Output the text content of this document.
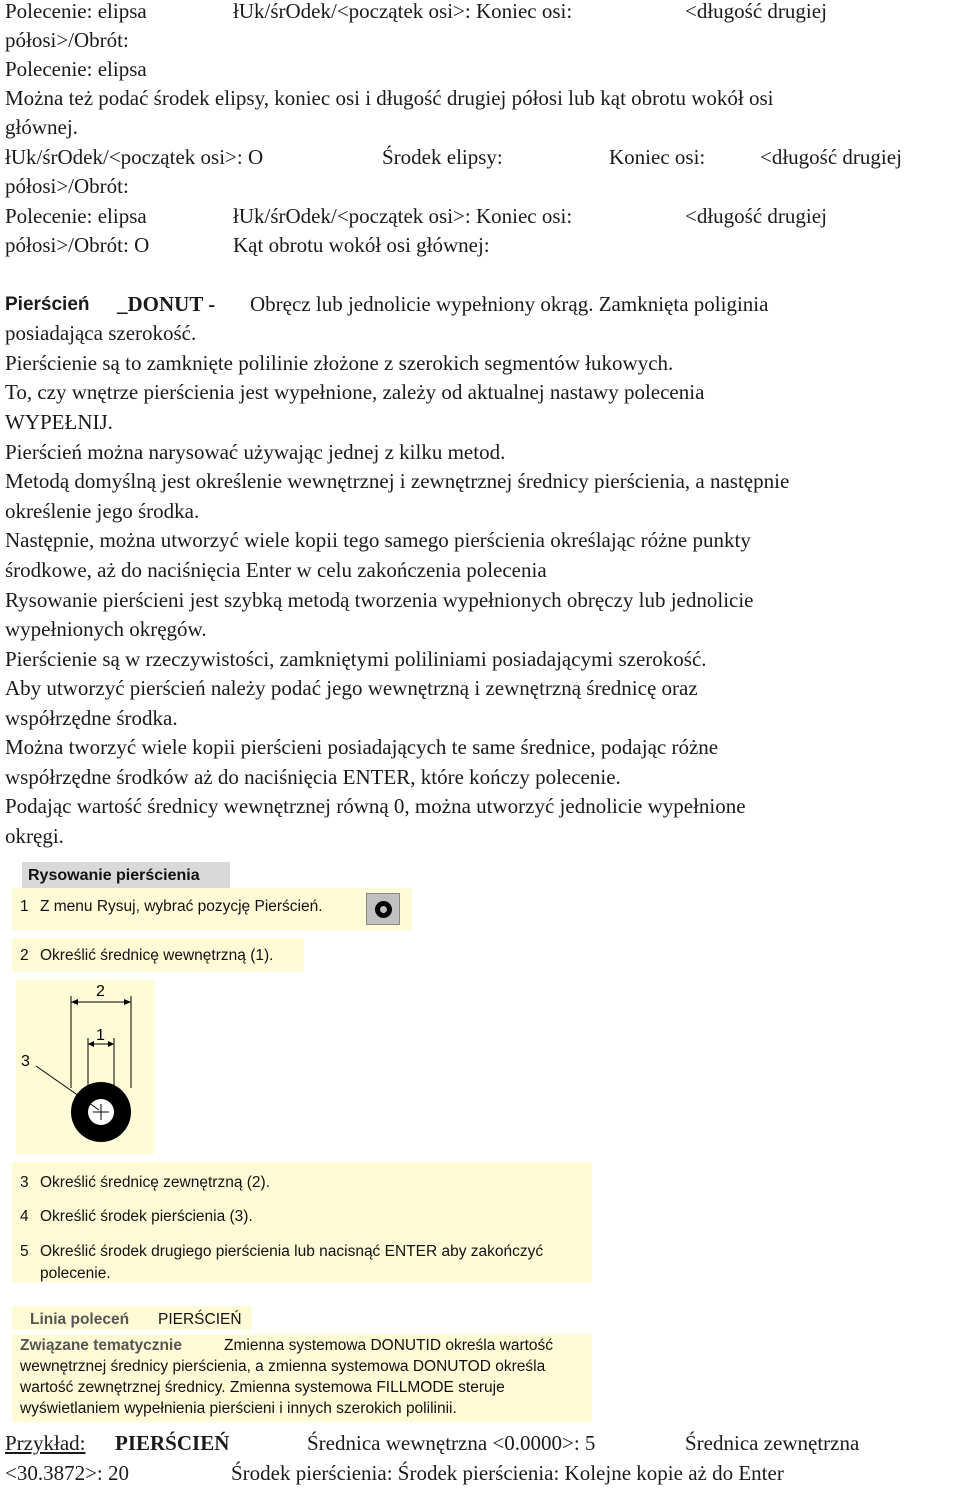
Polecenie: elipsa	łUk/śrOdek/<początek osi>: Koniec osi:	<długość drugiej
półosi>/Obrót:
Polecenie: elipsa
Można też podać środek elipsy, koniec osi i długość drugiej półosi lub kąt obrotu wokół osi
głównej.
łUk/śrOdek/<początek osi>: O	Środek elipsy:	Koniec osi:	<długość drugiej
półosi>/Obrót:
Polecenie: elipsa	łUk/śrOdek/<początek osi>: Koniec osi:	<długość drugiej
półosi>/Obrót: O	Kąt obrotu wokół osi głównej:
Pierścień _DONUT - Obręcz lub jednolicie wypełniony okrąg. Zamknięta poliginia
posiadająca szerokość.
Pierścienie są to zamknięte polilinie złożone z szerokich segmentów łukowych.
To, czy wnętrze pierścienia jest wypełnione, zależy od aktualnej nastawy polecenia
WYPEŁNIJ.
Pierścień można narysować używając jednej z kilku metod.
Metodą domyślną jest określenie wewnętrznej i zewnętrznej średnicy pierścienia, a następnie
określenie jego środka.
Następnie, można utworzyć wiele kopii tego samego pierścienia określając różne punkty
środkowe, aż do naciśnięcia Enter w celu zakończenia polecenia
Rysowanie pierścieni jest szybką metodą tworzenia wypełnionych obręczy lub jednolicie
wypełnionych okręgów.
Pierścienie są w rzeczywistości, zamkniętymi poliliniami posiadającymi szerokość.
Aby utworzyć pierścień należy podać jego wewnętrzną i zewnętrzną średnicę oraz
współrzędne środka.
Można tworzyć wiele kopii pierścieni posiadających te same średnice, podając różne
współrzędne środków aż do naciśnięcia ENTER, które kończy polecenie.
Podając wartość średnicy wewnętrznej równą 0, można utworzyć jednolicie wypełnione
okręgi.
Rysowanie pierścienia
1 Z menu Rysuj, wybrać pozycję Pierścień.
2 Określić średnicę wewnętrzną (1).
2
1
3
3 Określić średnicę zewnętrzną (2).
4 Określić środek pierścienia (3).
5 Określić środek drugiego pierścienia lub nacisnąć ENTER aby zakończyć
polecenie.
Linia poleceń PIERŚCIEŃ
Związane tematycznie	Zmienna systemowa DONUTID określa wartość
wewnętrznej średnicy pierścienia, a zmienna systemowa DONUTOD określa
wartość zewnętrznej średnicy. Zmienna systemowa FILLMODE steruje
wyświetlaniem wypełnienia pierścieni i innych szerokich polilinii.
Przykład: PIERŚCIEŃ	Średnica wewnętrzna <0.0000>: 5	Średnica zewnętrzna
<30.3872>: 20	Środek pierścienia: Środek pierścienia: Kolejne kopie aż do Enter
